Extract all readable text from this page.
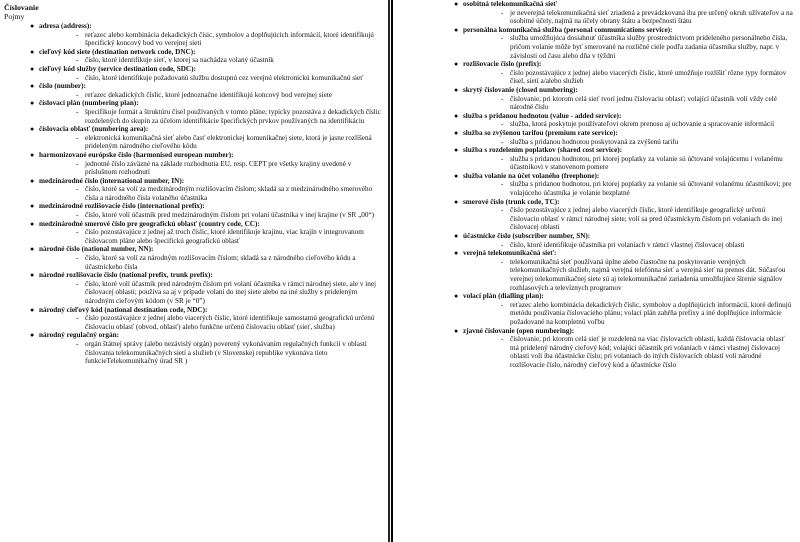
Číslovanie
Pojmy
● adresa (address):
- reťazec alebo kombinácia dekadických čísic, symbolov a doplňujúcich informácií, ktoré identifikujú špecifický koncový bod vo verejnej sieti
● cieľový kód siete (destination network code, DNC):
- číslo, ktoré identifikuje sieť, v ktorej sa nachádza volaný účastník
● cieľový kód služby (service destination code, SDC):
- číslo, ktoré identifikuje požadovanú službu dostupnú cez verejnú elektronickú komunikačnú sieť
● číslo (number):
- reťazec dekadických číslic, ktoré jednoznačne identifikujú koncový bod verejnej siete
● číslovací plán (numbering plan):
- špecifikuje formát a štruktúru čísel používaných v tomto pláne; typicky pozostáva z dekadických číslic rozdelených do skupín za účelom identifikácie špecifických prvkov používaných na identifikáciu
● číslovacia oblasť (numbering area):
- elektronická komunikačná sieť alebo časť elektronickej komunikačnej siete, ktorá je jasne rozlíšená prideleným národného cieľového kódu
● harmonizované európske číslo (harmonised european number):
- jednotné číslo záväzné na základe rozhodnutia EU, resp. CEPT pre všetky krajiny uvedené v príslušnom rozhodnutí
● medzinárodné číslo (international number, IN):
- číslo, ktoré sa volí za medzinárodným rozlišovacím číslom; skladá sa z medzinárodného smerového čísla a národného čísla volaného účastníka
● medzinárodné rozlišovacie číslo (international prefix):
- číslo, ktoré volí účastník pred medzinárodným číslom pri volaní účastníka v inej krajine (v SR „00“)
● medzinárodné smerové číslo pre geografickú oblasť (country code, CC):
- číslo pozostávajúce z jednej až troch číslic, ktoré identifikuje krajinu, viac krajín v integrovanom číslovacom pláne alebo špecifickú geografickú oblasť
● národné číslo (national number, NN):
- číslo, ktoré sa volí za národným rozlišovacím číslom; skladá sa z národného cieľového kódu a účastníckeho čísla
● národné rozlišovacie číslo (national prefix, trunk prefix):
- číslo, ktoré volí účastník pred národným číslom pri volaní účastníka v rámci národnej siete, ale v inej číslovacej oblasti; používa sa aj v prípade volaní do inej siete alebo na iné služby s prideleným národným cieľovým kódom (v SR je “0”)
● národný cieľový kód (national destination code, NDC):
- číslo pozostávajúce z jednej alebo viacerých číslic, ktoré identifikuje samostatnú geografickú určenú číslovaciu oblasť (obvod, oblasť) alebo funkčne určenú číslovaciu oblasť (sieť, služba)
● národný regulačný orgán:
- orgán štátnej správy (alebo nezávislý orgán) poverený vykonávaním regulačných funkcií v oblasti číslovania telekomunikačných sietí a služieb (v Slovenskej republike vykonáva tieto funkcieTelekomunikačný úrad SR )
● osobitná telekomunikačná sieť
- je neverejná telekomunikačná sieť zriadená a prevádzkovaná iba pre určený okruh užívateľov a na osobitné účely, najmä na účely obrany štátu a bezpečnosti štátu
● personálna komunikačná služba (personal communications service):
- služba umožňujúca dosiahnuť účastníka služby prostredníctvom prideleného personálneho čísla, pričom volanie môže byť smerované na rozličné ciele podľa zadania účastníka služby, napr. v závislosti od času alebo dňa v týždni
● rozlišovacie číslo (prefix):
- číslo pozostávajúce z jednej alebo viacerých číslic, ktoré umožňuje rozlíšiť rôzne typy formátov čísel, sietí a/alebo služieb
● skrytý číslovanie (closed numbering):
- číslovanie, pri ktorom celá sieť tvorí jednu číslovaciu oblasť; volající účastník volí vždy celé národné číslo
● služba s pridanou hodnotou (value - added service):
- služba, ktorá poskytuje používateľovi okrem prenosu aj uchovanie a spracovanie informácií
● služba so zvýšenou tarifou (premium rate service):
- služba s pridanou hodnotou poskytovaná za zvýšenú tarifu
● služba s rozdelením poplatkov (shared cost service):
- služba s pridanou hodnotou, pri ktorej poplatky za volanie sú účtované volajúcemu i volanému účastníkovi v stanovenom pomere
● služba volanie na účet volaného (freephone):
- služba s pridanou hodnotou, pri ktorej poplatky za volanie sú účtované volanému účastníkovi; pre volajúceho účastníka je volanie bezplatné
● smerové číslo (trunk code, TC):
- číslo pozostávajúce z jednej alebo viacerých číslic, ktoré identifikuje geografický určenú číslovaciu oblasť v rámci národnej siete; volí sa pred účastníckym číslom pri volaniach do inej číslovacej oblasti
● účastnícke číslo (subscriber number, SN):
- číslo, ktoré identifikuje účastníka pri volaniach v rámci vlastnej číslovacej oblasti
● verejná telekomunikačná sieť:
- telekomunikačná sieť používaná úplne alebo čiastočne na poskytovanie verejných telekomunikačných služieb, najmä verejná telefónna sieť a verejná sieť na prenos dát. Súčasťou verejnej telekomunikačnej siete sú aj telekomunikačné zariadenia umožňujúce šírenie signálov rozhlasových a televíznych programov
● volací plán (dialling plan):
- reťazec alebo kombinácia dekadických číslic, symbolov a doplňujúcich informácií, ktoré definujú metódu používania číslovacieho plánu; volací plán zahŕňa prefixy a iné doplňujúce informácie požadované na kompletnú voľbu
● zjavné číslovanie (open numbering):
- číslovanie, pri ktorom celá sieť je rozdelená na viac číslovacích oblastí, každá číslovacia oblasť má pridelený národný cieľový kód; volajúci účastník pri volaniach v rámci vlastnej číslovacej oblasti volí iba účastnícke číslo; pri volaniach do iných číslovacích oblastí volí národné rozlišovacie číslo, národný cieľový kód a účastnícke číslo
